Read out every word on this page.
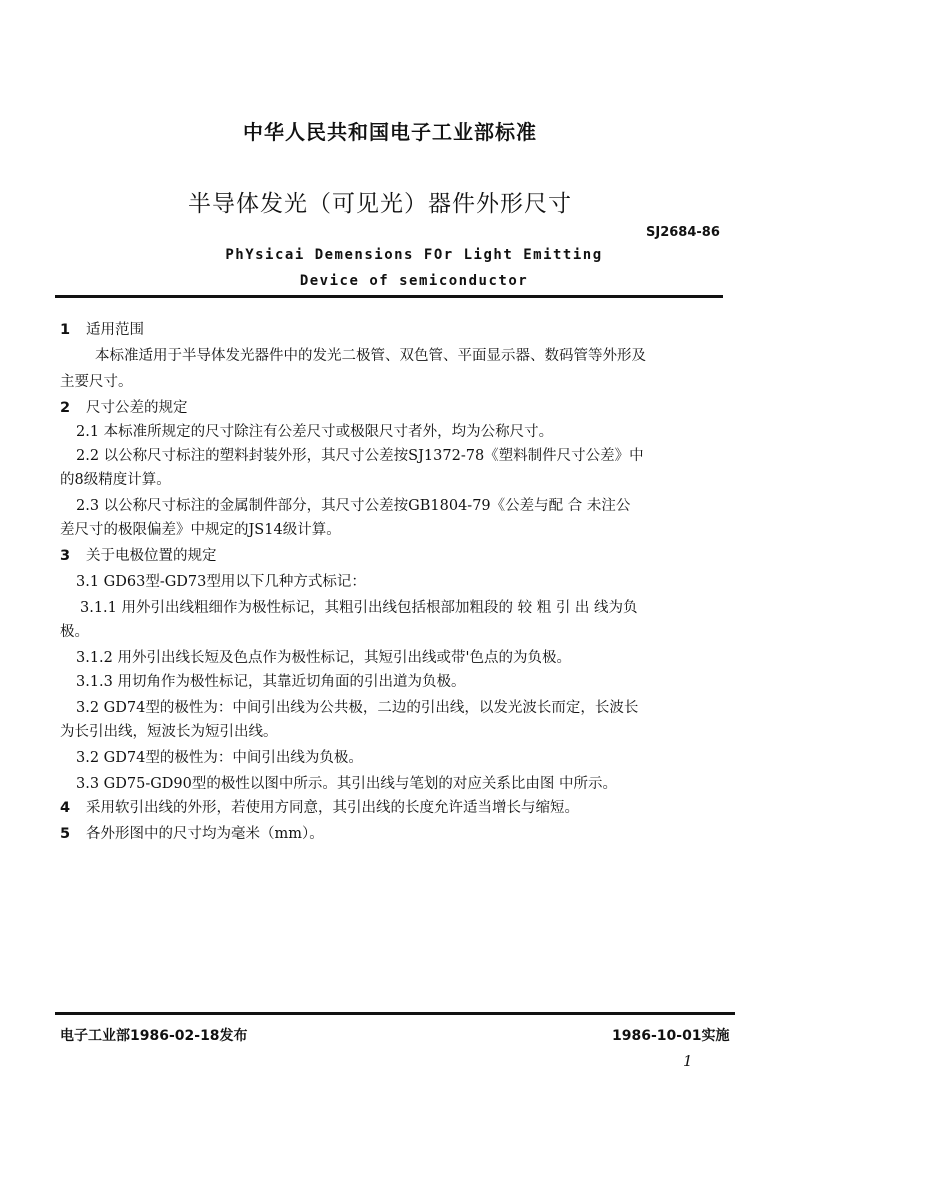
中华人民共和国电子工业部标准
半导体发光（可见光）器件外形尺寸
SJ2684-86
PhYsicai Demensions FOr Light Emitting
Device of semiconductor
1 适用范围
本标准适用于半导体发光器件中的发光二极管、双色管、平面显示器、数码管等外形及
主要尺寸。
2 尺寸公差的规定
2.1 本标准所规定的尺寸除注有公差尺寸或极限尺寸者外，均为公称尺寸。
2.2 以公称尺寸标注的塑料封装外形，其尺寸公差按SJ1372-78《塑料制件尺寸公差》中
的8级精度计算。
2.3 以公称尺寸标注的金属制件部分，其尺寸公差按GB1804-79《公差与配 合 未注公
差尺寸的极限偏差》中规定的JS14级计算。
3 关于电极位置的规定
3.1 GD63型-GD73型用以下几种方式标记：
3.1.1 用外引出线粗细作为极性标记，其粗引出线包括根部加粗段的 较 粗 引 出 线为负
极。
3.1.2 用外引出线长短及色点作为极性标记，其短引出线或带'色点的为负极。
3.1.3 用切角作为极性标记，其靠近切角面的引出道为负极。
3.2 GD74型的极性为：中间引出线为公共极，二边的引出线，以发光波长而定，长波长
为长引出线，短波长为短引出线。
3.2 GD74型的极性为：中间引出线为负极。
3.3 GD75-GD90型的极性以图中所示。其引出线与笔划的对应关系比由图 中所示。
4 采用软引出线的外形，若使用方同意，其引出线的长度允许适当增长与缩短。
5 各外形图中的尺寸均为毫米（mm）。
电子工业部1986-02-18发布	1986-10-01实施
1
